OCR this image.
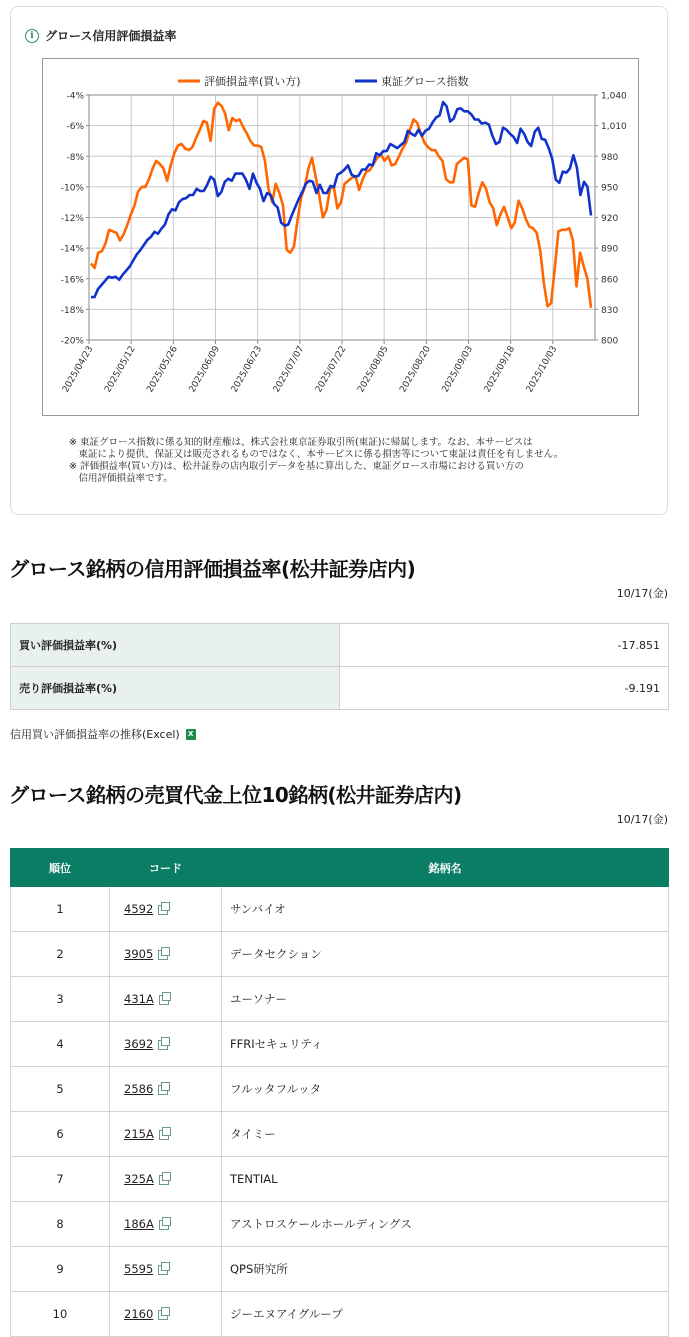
i グロース信用評価損益率
-4%	1,040
-6%	1,010
-8%	980
-10%	950
-12%	920
-14%	890
-16%	860
-18%	830
-20%	800
2025/04/23 2025/05/12 2025/05/26 2025/06/09 2025/06/23 2025/07/07 2025/07/22 2025/08/05 2025/08/20 2025/09/03 2025/09/18 2025/10/03
評価損益率(買い方)	東証グロース指数

※ 東証グロース指数に係る知的財産権は、株式会社東京証券取引所(東証)に帰属します。なお、本サービスは

　東証により提供、保証又は販売されるものではなく、本サービスに係る損害等について東証は責任を有しません。

※ 評価損益率(買い方)は、松井証券の店内取引データを基に算出した、東証グロース市場における買い方の

　信用評価損益率です。

グロース銘柄の信用評価損益率(松井証券店内)
10/17(金)
買い評価損益率(%)	-17.851
売り評価損益率(%)	-9.191
信用買い評価損益率の推移(Excel)	X
グロース銘柄の売買代金上位10銘柄(松井証券店内)
10/17(金)
順位	コード	銘柄名
1	4592	サンバイオ
2	3905	データセクション
3	431A	ユーソナー
4	3692	FFRIセキュリティ
5	2586	フルッタフルッタ
6	215A	タイミー
7	325A	TENTIAL
8	186A	アストロスケールホールディングス
9	5595	QPS研究所
10	2160	ジーエヌアイグループ
